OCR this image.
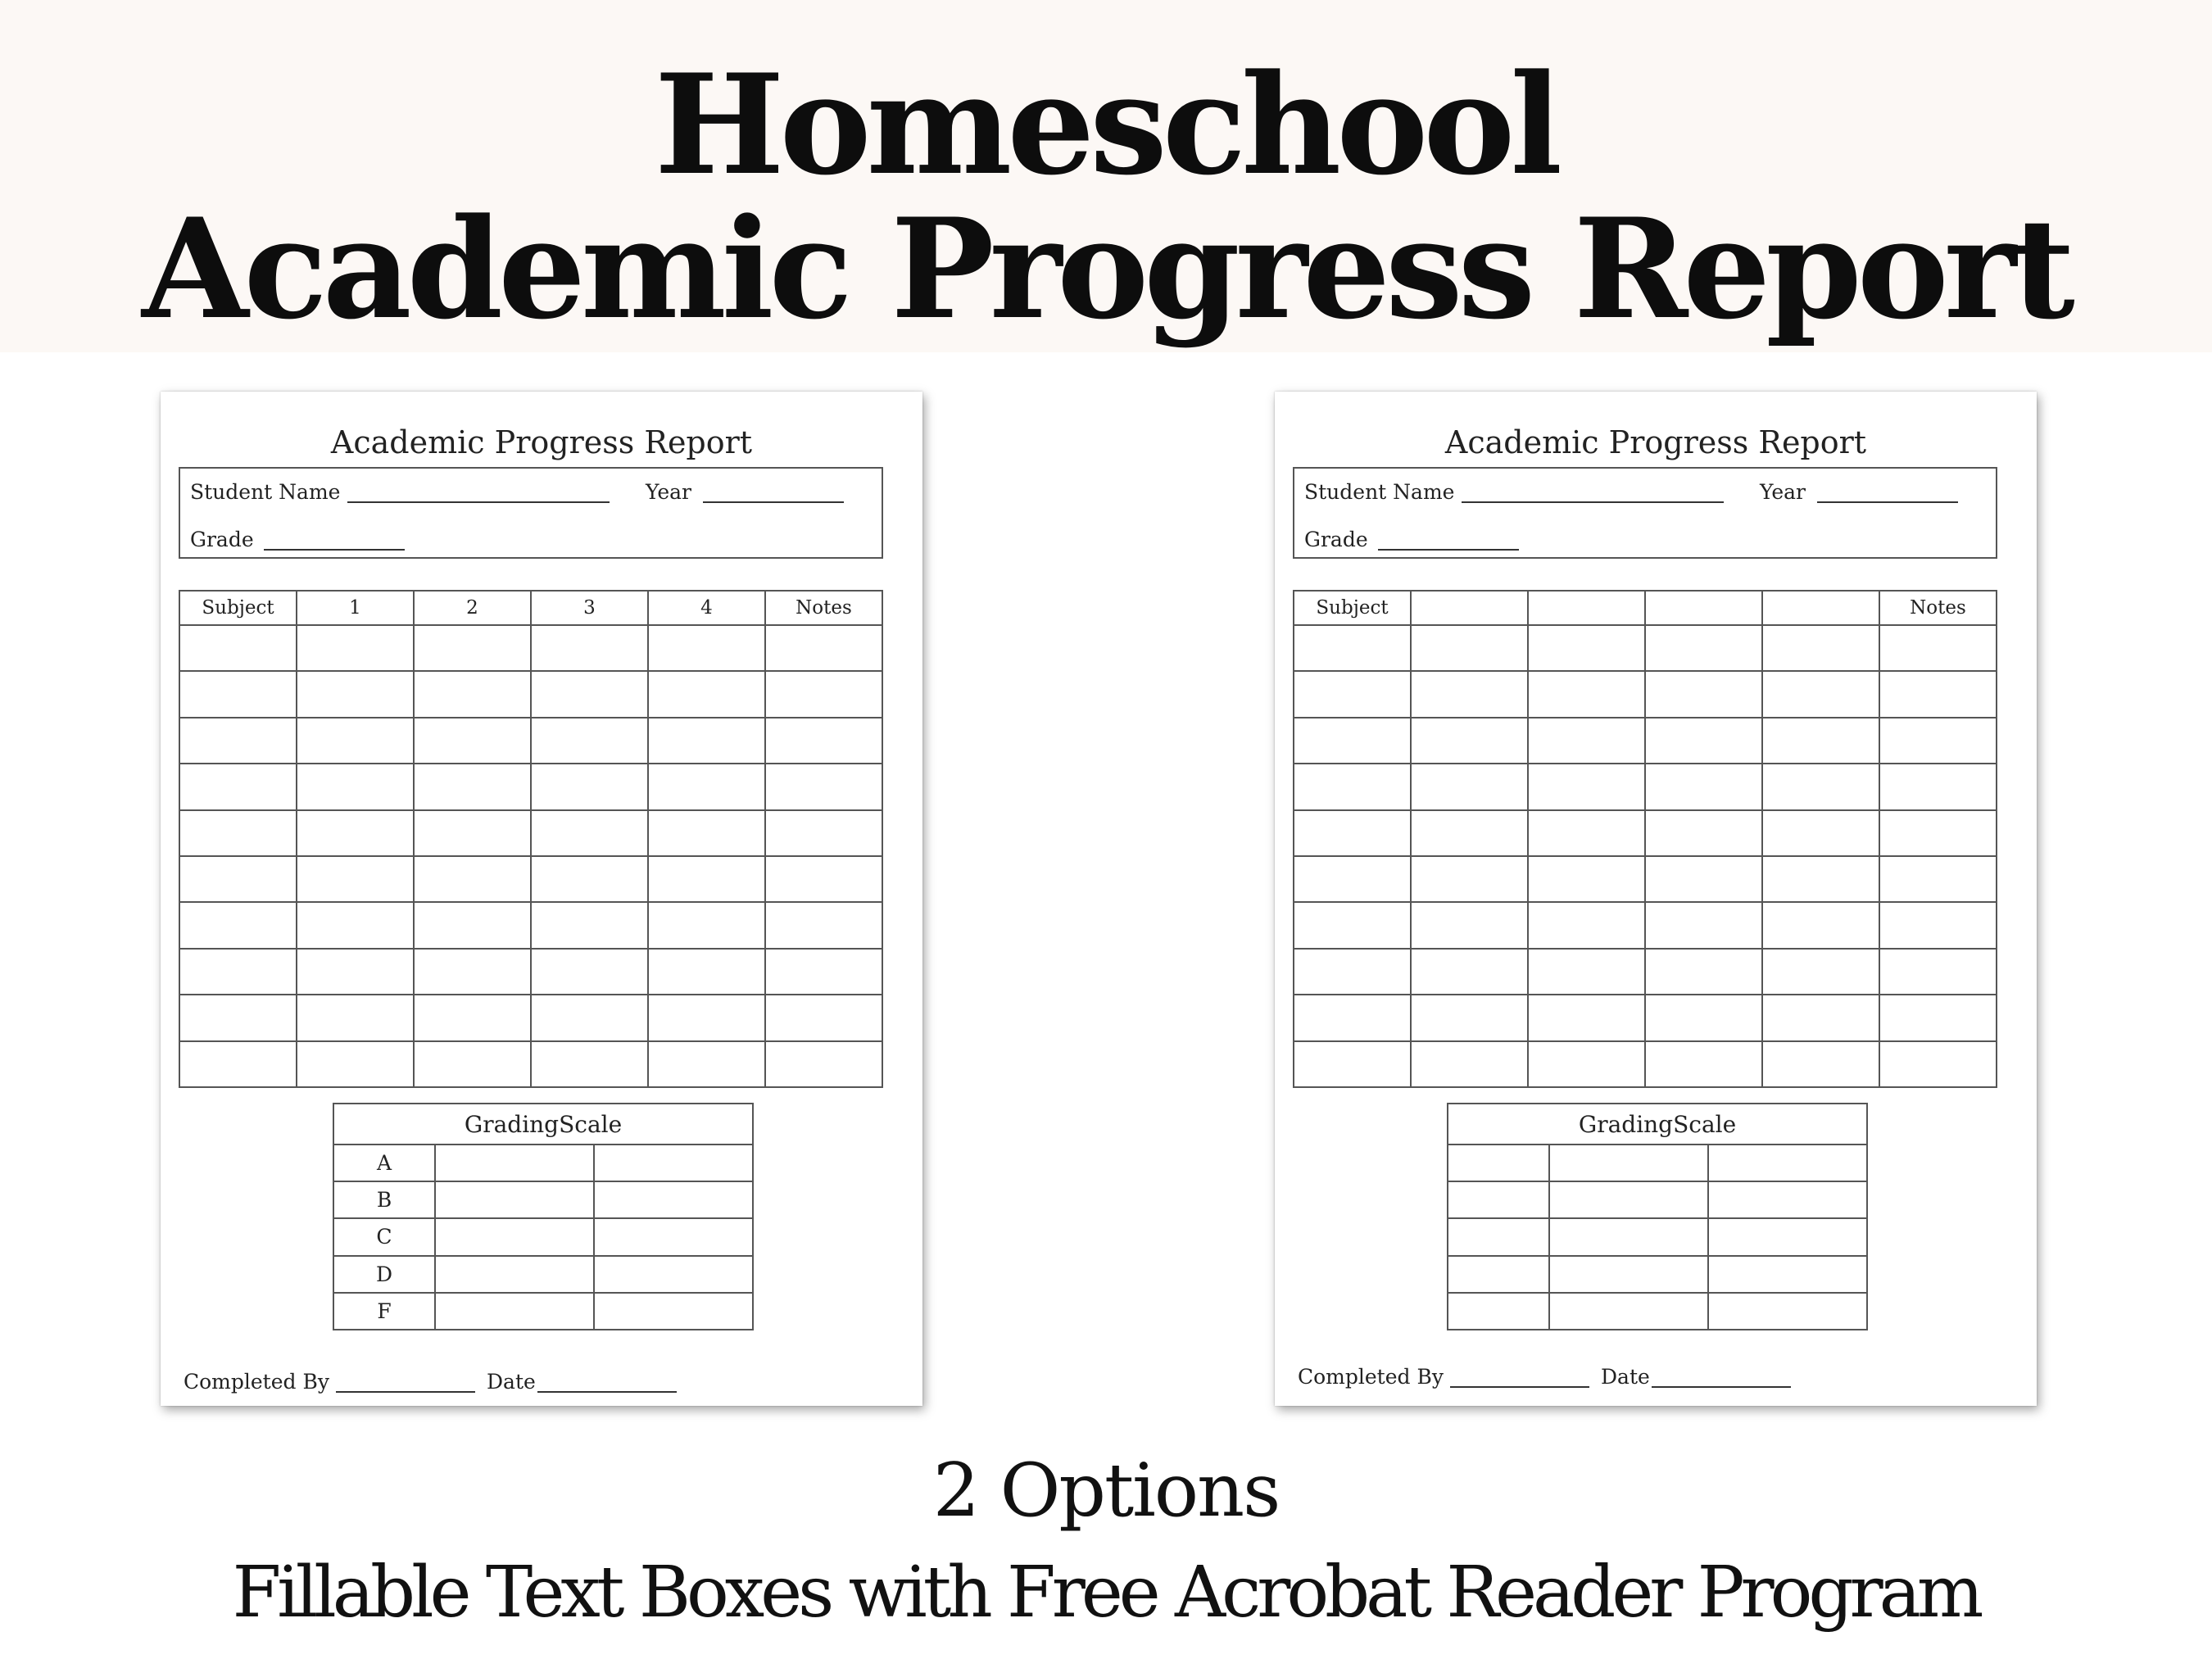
Homeschool
Academic Progress Report
Academic Progress Report
Student Name	Year
Grade
Subject	1	2	3	4	Notes

GradingScale		

A		
B		
C		
D		
F		
Completed By	Date
Academic Progress Report
Student Name	Year
Grade
Subject					Notes

GradingScale		

Completed By	Date

2 Options

Fillable Text Boxes with Free Acrobat Reader Program
